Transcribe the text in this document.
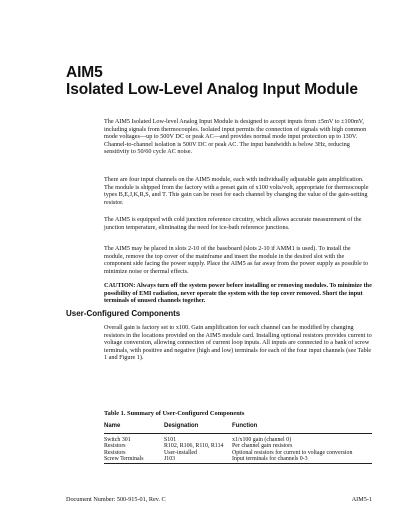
AIM5
Isolated Low-Level Analog Input Module

The AIM5 Isolated Low-level Analog Input Module is designed to accept inputs from ±5mV to ±100mV, including signals from thermocouples. Isolated input permits the connection of signals with high common mode voltages—up to 500V DC or peak AC—and provides normal mode input protection up to 130V. Channel-to-channel isolation is 500V DC or peak AC. The input bandwidth is below 3Hz, reducing sensitivity to 50/60 cycle AC noise.

There are four input channels on the AIM5 module, each with individually adjustable gain amplification. The module is shipped from the factory with a preset gain of x100 volts/volt, appropriate for thermocouple types B,E,J,K,R,S, and T. This gain can be reset for each channel by changing the value of the gain-setting resistor.

The AIM5 is equipped with cold junction reference circuitry, which allows accurate measurement of the junction temperature, eliminating the need for ice-bath reference junctions.

The AIM5 may be placed in slots 2-10 of the baseboard (slots 2-10 if AMM1 is used). To install the module, remove the top cover of the mainframe and insert the module in the desired slot with the component side facing the power supply. Place the AIM5 as far away from the power supply as possible to minimize noise or thermal effects.

CAUTION: Always turn off the system power before installing or removing modules. To minimize the possibility of EMI radiation, never operate the system with the top cover removed. Short the input terminals of unused channels together.

User-Configured Components

Overall gain is factory set to x100. Gain amplification for each channel can be modified by changing resistors in the locations provided on the AIM5 module card. Installing optional resistors provides current to voltage conversion, allowing connection of current loop inputs. All inputs are connected to a bank of screw terminals, with positive and negative (high and low) terminals for each of the four input channels (see Table 1 and Figure 1).

Table 1. Summary of User-Configured Components

Name	Designation	Function
Switch 301	S101	x1/x100 gain (channel 0)
Resistors	R102, R106, R110, R114	Per channel gain resistors
Resistors	User-installed	Optional resistors for current to voltage conversion
Screw Terminals	J103	Input terminals for channels 0-3

Document Number: 500-915-01, Rev. C	AIM5-1
